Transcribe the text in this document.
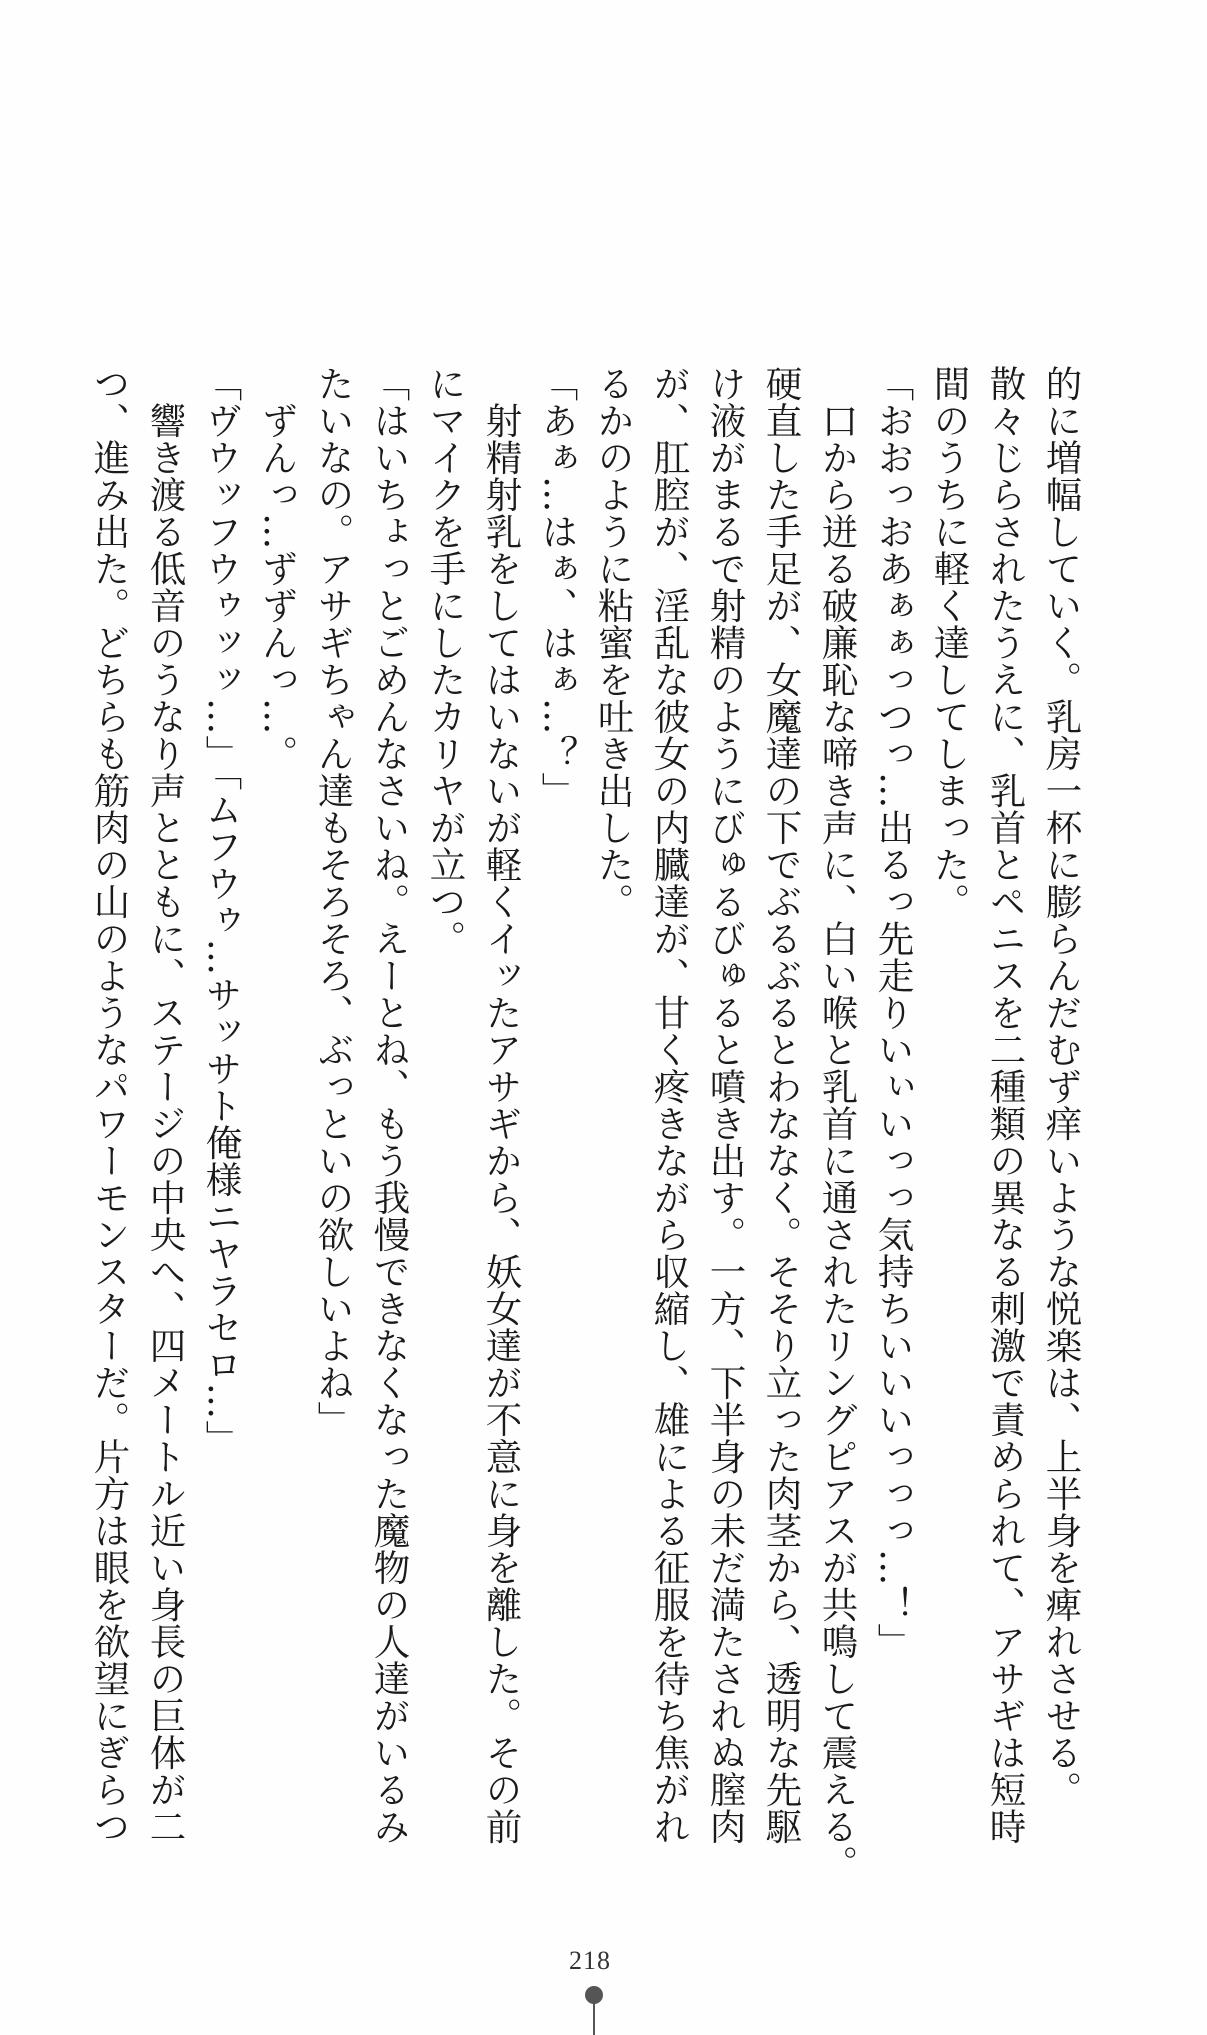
的に増幅していく。乳房一杯に膨らんだむず痒いような悦楽は、上半身を痺れさせる。

散々じらされたうえに、乳首とペニスを二種類の異なる刺激で責められて、アサギは短時

間のうちに軽く達してしまった。

「おおっおあぁぁっつっ…出るっ先走りいぃいっっ気持ちいいいっっっ…！」

　口から迸る破廉恥な啼き声に、白い喉と乳首に通されたリングピアスが共鳴して震える。

硬直した手足が、女魔達の下でぶるぶるとわななく。そそり立った肉茎から、透明な先駆

け液がまるで射精のようにびゅるびゅると噴き出す。一方、下半身の未だ満たされぬ膣肉

が、肛腔が、淫乱な彼女の内臓達が、甘く疼きながら収縮し、雄による征服を待ち焦がれ

るかのように粘蜜を吐き出した。

「あぁ…はぁ、はぁ…？」

　射精射乳をしてはいないが軽くイッたアサギから、妖女達が不意に身を離した。その前

にマイクを手にしたカリヤが立つ。

「はいちょっとごめんなさいね。えーとね、もう我慢できなくなった魔物の人達がいるみ

たいなの。アサギちゃん達もそろそろ、ぶっといの欲しいよね」

　ずんっ…ずずんっ…。

「ヴウッフウゥッッ…」「ムフウゥ…サッサト俺様ニヤラセロ…」

　響き渡る低音のうなり声とともに、ステージの中央へ、四メートル近い身長の巨体が二

つ、進み出た。どちらも筋肉の山のようなパワーモンスターだ。片方は眼を欲望にぎらつ

218
